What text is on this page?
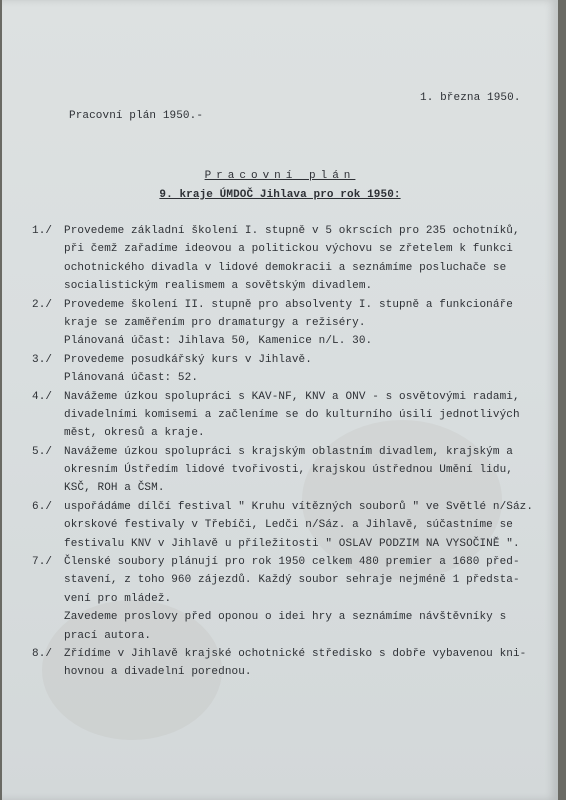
1. března 1950.
Pracovní plán 1950.-
Pracovní plán
9. kraje ÚMDOČ Jihlava pro rok 1950:
1./	Provedeme základní školení I. stupně v 5 okrscích pro 235 ochotníků,
při čemž zařadíme ideovou a politickou výchovu se zřetelem k funkci
ochotnického divadla v lidové demokracii a seznámíme posluchače se
socialistickým realismem a sovětským divadlem.
2./	Provedeme školení II. stupně pro absolventy I. stupně a funkcionáře
kraje se zaměřením pro dramaturgy a režiséry.
Plánovaná účast: Jihlava 50, Kamenice n/L. 30.
3./	Provedeme posudkářský kurs v Jihlavě.
Plánovaná účast: 52.
4./	Navážeme úzkou spolupráci s KAV-NF, KNV a ONV - s osvětovými radami,
divadelními komisemi a začleníme se do kulturního úsilí jednotlivých
měst, okresů a kraje.
5./	Navážeme úzkou spolupráci s krajským oblastním divadlem, krajským a
okresním Ústředím lidové tvořivosti, krajskou ústřednou Umění lidu,
KSČ, ROH a ČSM.
6./	uspořádáme dílčí festival " Kruhu vítězných souborů " ve Světlé n/Sáz.
okrskové festivaly v Třebíči, Ledči n/Sáz. a Jihlavě, súčastníme se
festivalu KNV v Jihlavě u příležitosti " OSLAV PODZIM NA VYSOČINĚ ".
7./	Členské soubory plánují pro rok 1950 celkem 480 premier a 1680 před-
stavení, z toho 960 zájezdů. Každý soubor sehraje nejméně 1 předsta-
vení pro mládež.
Zavedeme proslovy před oponou o idei hry a seznámíme návštěvníky s
prací autora.
8./	Zřídíme v Jihlavě krajské ochotnické středisko s dobře vybavenou kni-
hovnou a divadelní porednou.
